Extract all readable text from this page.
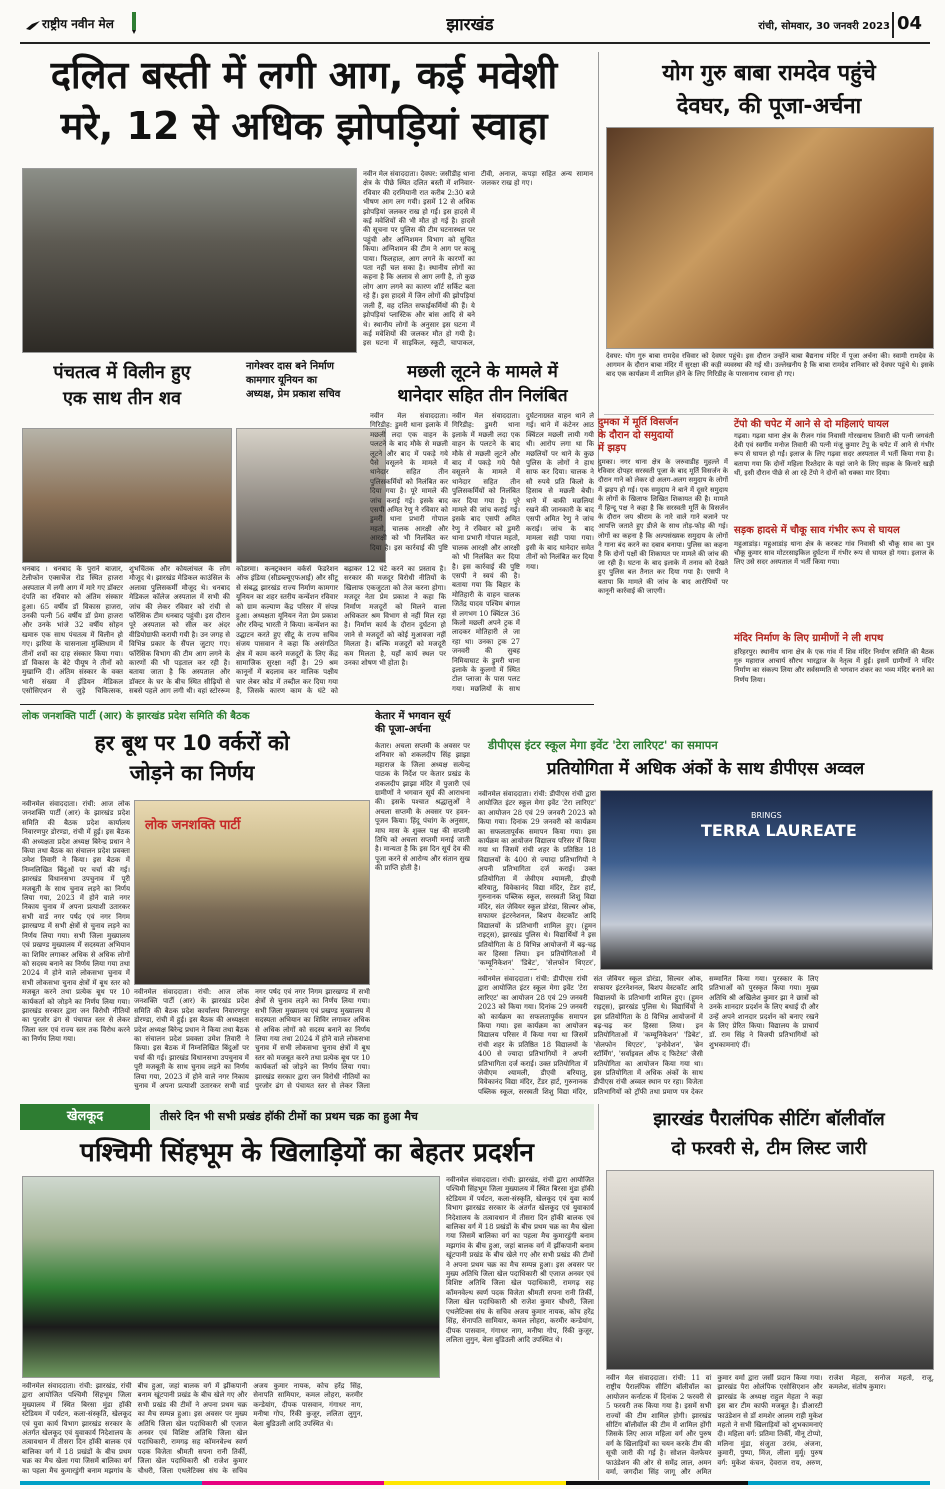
राष्ट्रीय नवीन मेल	झारखंड	रांची, सोमवार, 30 जनवरी 2023 04
दलित बस्ती में लगी आग, कई मवेशी
मरे, 12 से अधिक झोपड़ियां स्वाहा
नवीन मेल संवाददाता। देवघर: जसीडीह थाना क्षेत्र के पीछे स्थित दलित बस्ती में शनिवार-रविवार की दरमियानी रात करीब 2:30 बजे भीषण आग लग गयी। इसमें 12 से अधिक झोपड़ियां जलकर राख हो गईं। इस हादसे में कई मवेशियों की भी मौत हो गई है। हादसे की सूचना पर पुलिस की टीम घटनास्थल पर पहुंची और अग्निशमन विभाग को सूचित किया। अग्निशमन की टीम ने आग पर काबू पाया। फिलहाल, आग लगने के कारणों का पता नहीं चल सका है। स्थानीय लोगों का कहना है कि अलाव से आग लगी है, तो कुछ लोग आग लगने का कारण शॉर्ट सर्किट बता रहे हैं। इस हादसे में जिन लोगों की झोपड़ियां जली हैं, वह दलित सफाईकर्मियों की हैं। ये झोपड़ियां प्लास्टिक और बांस आदि से बने थे। स्थानीय लोगों के अनुसार इस घटना में कई मवेशियों की जलकर मौत हो गयी है। इस घटना में साइकिल, स्कूटी, चापाकल, टीवी, अनाज, कपड़ा सहित अन्य सामान जलकर राख हो गए।
योग गुरु बाबा रामदेव पहुंचे
देवघर, की पूजा-अर्चना
देवघर: योग गुरु बाबा रामदेव रविवार को देवघर पहुंचे। इस दौरान उन्होंने बाबा बैद्यनाथ मंदिर में पूजा अर्चना की। स्वामी रामदेव के आगमन के दौरान बाबा मंदिर में सुरक्षा की कड़ी व्यवस्था की गई थी। उल्लेखनीय है कि बाबा रामदेव शनिवार को देवघर पहुंचे थे। इसके बाद एक कार्यक्रम में शामिल होने के लिए गिरिडीह के पारसनाथ रवाना हो गए।
पंचतत्व में विलीन हुए
एक साथ तीन शव
धनबाद । धनबाद के पुराने बाजार, टेलीफोन एक्सचेंज रोड स्थित हाजरा अस्पताल में लगी आग में मारे गए डॉक्टर दंपति का रविवार को अंतिम संस्कार हुआ। 65 वर्षीय डॉ विकास हाजरा, उनकी पत्नी 56 वर्षीय डॉ प्रेमा हाजरा और उनके भांजे 32 वर्षीय सोहन खमारु एक साथ पंचतत्व में विलीन हो गए। झरिया के चासनाला मुक्तिधाम में तीनों शवों का दाह संस्कार किया गया। डॉ विकास के बेटे पीयूष ने तीनों को मुखाग्नि दी। अंतिम संस्कार के वक्त भारी संख्या में इंडियन मेडिकल एसोसिएशन से जुड़े चिकित्सक, शुभचिंतक और कोयलांचल के लोग मौजूद थे। झारखंड मेडिकल काउंसिल के अलावा पुलिसकर्मी मौजूद थे। धनबाद मेडिकल कॉलेज अस्पताल में सभी की जांच की लेकर रविवार को रांची से फॉरेंसिक टीम धनबाद पहुंची। इस दौरान पूरे अस्पताल को सील कर अंदर वीडियोग्राफी करायी गयी है। उन जगह से विभिन्न प्रकार के सैंपल जुटाए गए। फॉरेंसिक विभाग की टीम आग लगने के कारणों की भी पड़ताल कर रही है। बताया जाता है कि अस्पताल और डॉक्टर के घर के बीच स्थित सीढ़ियों से सबसे पहले आग लगी थी। वहां स्टोररूम
नागेश्वर दास बने निर्माण
कामगार यूनियन का
अध्यक्ष, प्रेम प्रकाश सचिव
कोडरमा। कन्स्ट्रक्शन वर्कर्स फेडरेशन ऑफ इंडिया (सीडब्ल्यूएफआई) और सीटू से संबद्ध झारखंड राज्य निर्माण कामगार यूनियन का शहर स्तरीय कन्वेंशन रविवार को ग्राम कल्याण केंद्र परिसर में संपन्न हुआ। अध्यक्षता यूनियन नेता प्रेम प्रकाश और रविन्द्र भारती ने किया। कन्वेंशन का उद्घाटन करते हुए सीटू के राज्य सचिव संजय पासवान ने कहा कि असंगठित क्षेत्र में काम करने मजदूरों के लिए केंद्र सामाजिक सुरक्षा नहीं है। 29 श्रम कानूनों में बदलाव कर मालिक पक्षीय चार लेबर कोड में तब्दील कर दिया गया है, जिसके कारण काम के घंटे को बढ़ाकर 12 घंटे करने का प्रस्ताव है। सरकार की मजदूर विरोधी नीतियों के खिलाफ एकजुटता को तेज करना होगा। मजदूर नेता प्रेम प्रकाश ने कहा कि निर्माण मजदूरों को मिलने वाला अधिकतर श्रम विभाग से नहीं मिल रहा है। निर्माण कार्य के दौरान दुर्घटना हो जाने से मजदूरों को कोई मुआवजा नहीं मिलता है। बल्कि मजदूरों को मजदूरी कम मिलता है, यहाँ कार्य स्थल पर उनका शोषण भी होता है।
मछली लूटने के मामले में
थानेदार सहित तीन निलंबित
नवीन मेल संवाददाता। गिरिडीह: डुमरी थाना इलाके में मछली लदा एक वाहन के पलटने के बाद मौके से मछली लूटने और बाद में पकड़े गये पैसे वसूलने के मामले में थानेदार सहित तीन पुलिसकर्मियों को निलंबित कर दिया गया है। पूरे मामले की जांच कराई गई। इसके बाद एसपी अमित रेणु ने रविवार को डुमरी थाना प्रभारी गोपाल महतो, चालक आरक्षी और आरक्षी को भी निलंबित कर दिया है। इस कार्रवाई की पुष्टि एसपी ने स्वयं की है। बताया गया कि बिहार के मोतिहारी के वाहन चालक जितेंद्र यादव पश्चिम बंगाल से लगभग 10 क्विंटल 36 किलो मछली अपने ट्रक में लादकर मोतिहारी ले जा रहा था। उनका ट्रक 27 जनवरी की सुबह निमियाघाट के डुमरी थाना इलाके के कुलगो में स्थित टोल प्लाजा के पास पलट गया। मछलियों के साथ दुर्घटनाग्रस्त वाहन थाने ले गई। थाने में कंटेनर आठ क्विंटल मछली लायी गयी थी। आरोप लगा था कि मछलियों पर थाने के कुछ पुलिस के लोगों ने हाथ साफ कर दिया। चालक ने सौ रुपये प्रति किलो के हिसाब से मछली बेची। थाने में बाकी मछलियां रखने की जानकारी के बाद एसपी अमित रेणु ने जांच कराई। जांच के बाद मामला सही पाया गया। इसी के बाद थानेदार समेत तीनों को निलंबित कर दिया गया।
नवीन मेल संवाददाता। गिरिडीह: डुमरी थाना इलाके में मछली लदा एक वाहन के पलटने के बाद मौके से मछली लूटने और बाद में पकड़े गये पैसे वसूलने के मामले में थानेदार सहित तीन पुलिसकर्मियों को निलंबित कर दिया गया है। पूरे मामले की जांच कराई गई। इसके बाद एसपी अमित रेणु ने रविवार को डुमरी थाना प्रभारी गोपाल महतो, चालक आरक्षी और आरक्षी को भी निलंबित कर दिया है। इस कार्रवाई की पुष्टि
दुमका में मूर्ति विसर्जन
के दौरान दो समुदायों
में झड़प
दुमका। नगर थाना क्षेत्र के जरुवाडीह मुहल्ले में रविवार दोपहर सरस्वती पूजा के बाद मूर्ति विसर्जन के दौरान गाने को लेकर दो अलग-अलग समुदाय के लोगों में झड़प हो गई। एक समुदाय ने बाने में दूसरे समुदाय के लोगों के खिलाफ लिखित शिकायत की है। मामले में हिन्दू पक्ष ने कहा है कि सरस्वती मूर्ति के विसर्जन के दौरान जय श्रीराम के नारे वाले गाने बजाने पर आपत्ति जताते हुए डीजे के साथ तोड़-फोड़ की गई। लोगों का कहना है कि अल्पसंख्यक समुदाय के लोगों ने गाना बंद करने का दबाव बनाया। पुलिस का कहना है कि दोनों पक्षों की शिकायत पर मामले की जांच की जा रही है। घटना के बाद इलाके में तनाव को देखते हुए पुलिस बल तैनात कर दिया गया है। एसपी ने बताया कि मामले की जांच के बाद आरोपियों पर कानूनी कार्रवाई की जाएगी।
टेंपो की चपेट में आने से दो महिलाएं घायल
गढ़वा। गढ़वा थाना क्षेत्र के रीजन गांव निवासी गोरखनाथ तिवारी की पत्नी जगवंती देवी एवं स्वर्गीय मनोज तिवारी की पत्नी मंजू कुमार टेंपू के चपेट में आने से गंभीर रूप से घायल हो गईं। इलाज के लिए गढ़वा सदर अस्पताल में भर्ती किया गया है। बताया गया कि दोनों महिला रिश्तेदार के यहां जाने के लिए सड़क के किनारे खड़ी थीं, इसी दौरान पीछे से आ रहे टेंपो ने दोनों को धक्का मार दिया।
सड़क हादसे में चौकू साव गंभीर रूप से घायल
महुआडांड़। महुआडांड़ थाना क्षेत्र के करकट गांव निवासी श्री चौकू साव का पुत्र चौकू कुमार साव मोटरसाइकिल दुर्घटना में गंभीर रूप से घायल हो गया। इलाज के लिए उसे सदर अस्पताल में भर्ती किया गया।
मंदिर निर्माण के लिए ग्रामीणों ने ली शपथ
हरिहरपुर। स्थानीय थाना क्षेत्र के एक गांव में शिव मंदिर निर्माण समिति की बैठक गुरु महाराज आचार्य सौरभ भारद्वाज के नेतृत्व में हुई। इसमें ग्रामीणों ने मंदिर निर्माण का संकल्प लिया और सर्वसम्मति से भगवान शंकर का भव्य मंदिर बनाने का निर्णय लिया।
लोक जनशक्ति पार्टी (आर) के झारखंड प्रदेश समिति की बैठक
हर बूथ पर 10 वर्करों को
जोड़ने का निर्णय
लोक जनशक्ति पार्टी
नवीनमेल संवाददाता। रांची: आज लोक जनशक्ति पार्टी (आर) के झारखंड प्रदेश समिति की बैठक प्रदेश कार्यालय निवारणपुर डोरण्डा, रांची में हुई। इस बैठक की अध्यक्षता प्रदेश अध्यक्ष बिरेन्द्र प्रधान ने किया तथा बैठक का संचालन प्रदेश प्रवक्ता उमेश तिवारी ने किया। इस बैठक में निम्नलिखित बिंदुओं पर चर्चा की गई। झारखंड विधानसभा उपचुनाव में पूरी मजबूती के साथ चुनाव लड़ने का निर्णय लिया गया, 2023 में होने वाले नगर निकाय चुनाव में अपना प्रत्याशी उतारकर सभी वार्ड नगर पर्षद एवं नगर निगम झारखण्ड में सभी क्षेत्रों से चुनाव लड़ने का निर्णय लिया गया। सभी जिला मुख्यालय एवं प्रखण्ड मुख्यालय में सदस्यता अभियान का शिविर लगाकर अधिक से अधिक लोगों को सदस्य बनाने का निर्णय लिया गया तथा 2024 में होने वाले लोकसभा चुनाव में सभी लोकसभा चुनाव क्षेत्रों में बूथ स्तर को मजबूत करने तथा प्रत्येक बूथ पर 10 कार्यकर्ता को जोड़ने का निर्णय लिया गया। झारखंड सरकार द्वारा जन विरोधी नीतियों का पुरजोर ढंग से पंचायत स्तर से लेकर जिला स्तर एवं राज्य स्तर तक विरोध करने का निर्णय लिया गया।
नवीनमेल संवाददाता। रांची: आज लोक जनशक्ति पार्टी (आर) के झारखंड प्रदेश समिति की बैठक प्रदेश कार्यालय निवारणपुर डोरण्डा, रांची में हुई। इस बैठक की अध्यक्षता प्रदेश अध्यक्ष बिरेन्द्र प्रधान ने किया तथा बैठक का संचालन प्रदेश प्रवक्ता उमेश तिवारी ने किया। इस बैठक में निम्नलिखित बिंदुओं पर चर्चा की गई। झारखंड विधानसभा उपचुनाव में पूरी मजबूती के साथ चुनाव लड़ने का निर्णय लिया गया, 2023 में होने वाले नगर निकाय चुनाव में अपना प्रत्याशी उतारकर सभी वार्ड नगर पर्षद एवं नगर निगम झारखण्ड में सभी क्षेत्रों से चुनाव लड़ने का निर्णय लिया गया। सभी जिला मुख्यालय एवं प्रखण्ड मुख्यालय में सदस्यता अभियान का शिविर लगाकर अधिक से अधिक लोगों को सदस्य बनाने का निर्णय लिया गया तथा 2024 में होने वाले लोकसभा चुनाव में सभी लोकसभा चुनाव क्षेत्रों में बूथ स्तर को मजबूत करने तथा प्रत्येक बूथ पर 10 कार्यकर्ता को जोड़ने का निर्णय लिया गया। झारखंड सरकार द्वारा जन विरोधी नीतियों का पुरजोर ढंग से पंचायत स्तर से लेकर जिला
केतार में भगवान सूर्य
की पूजा-अर्चना
केतार। अचला सप्तमी के अवसर पर शनिवार को शकलदीप सिंह झाझा महाराज के जिला अध्यक्ष सत्येन्द्र पाठक के निर्देश पर केतार प्रखंड के शकलदीप झाझा मंदिर में पुजारी एवं ग्रामीणों ने भगवान सूर्य की आराधना की। इसके पश्चात श्रद्धालुओं ने अचला सप्तमी के अवसर पर हवन-पूजन किया। हिंदू पंचांग के अनुसार, माघ मास के शुक्ल पक्ष की सप्तमी तिथि को अचला सप्तमी मनाई जाती है। मान्यता है कि इस दिन सूर्य देव की पूजा करने से आरोग्य और संतान सुख की प्राप्ति होती है।
डीपीएस इंटर स्कूल मेगा इवेंट 'टेरा लारिएट' का समापन
प्रतियोगिता में अधिक अंकों के साथ डीपीएस अव्वल
नवीनमेल संवाददाता। रांची: डीपीएस रांची द्वारा आयोजित इंटर स्कूल मेगा इवेंट 'टेरा लारिएट' का आयोजन 28 एवं 29 जनवरी 2023 को किया गया। दिनांक 29 जनवरी को कार्यक्रम का सफलतापूर्वक समापन किया गया। इस कार्यक्रम का आयोजन विद्यालय परिसर में किया गया था जिसमें रांची शहर के प्रतिष्ठित 18 विद्यालयों के 400 से ज्यादा प्रतिभागियों ने अपनी प्रतिभागिता दर्ज कराई। उक्त प्रतियोगिता में जेवीएम श्यामली, डीएवी बरियातु, विवेकानंद विद्या मंदिर, टेंडर हार्ट, गुरुनानक पब्लिक स्कूल, सरस्वती शिशु विद्या मंदिर, संत जेवियर स्कूल डोरंडा, सिल्वर ओक, सफायर इंटरनेशनल, बिशप वेस्टकॉट आदि विद्यालयों के प्रतिभागी शामिल हुए। (हूमन राइट्स), झारखंड पुलिस थे। विद्यार्थियों ने इस प्रतियोगिता के 8 विभिन्न आयोजनों में बढ़-चढ़ कर हिस्सा लिया। इन प्रतियोगिताओं में 'कम्यूनिकेशन' 'डिबेट', 'सेलफोन थिएटर',
BRINGS
TERRA LAUREATE
नवीनमेल संवाददाता। रांची: डीपीएस रांची द्वारा आयोजित इंटर स्कूल मेगा इवेंट 'टेरा लारिएट' का आयोजन 28 एवं 29 जनवरी 2023 को किया गया। दिनांक 29 जनवरी को कार्यक्रम का सफलतापूर्वक समापन किया गया। इस कार्यक्रम का आयोजन विद्यालय परिसर में किया गया था जिसमें रांची शहर के प्रतिष्ठित 18 विद्यालयों के 400 से ज्यादा प्रतिभागियों ने अपनी प्रतिभागिता दर्ज कराई। उक्त प्रतियोगिता में जेवीएम श्यामली, डीएवी बरियातु, विवेकानंद विद्या मंदिर, टेंडर हार्ट, गुरुनानक पब्लिक स्कूल, सरस्वती शिशु विद्या मंदिर, संत जेवियर स्कूल डोरंडा, सिल्वर ओक, सफायर इंटरनेशनल, बिशप वेस्टकॉट आदि विद्यालयों के प्रतिभागी शामिल हुए। (हूमन राइट्स), झारखंड पुलिस थे। विद्यार्थियों ने इस प्रतियोगिता के 8 विभिन्न आयोजनों में बढ़-चढ़ कर हिस्सा लिया। इन प्रतियोगिताओं में 'कम्यूनिकेशन' 'डिबेट', 'सेलफोन थिएटर', 'इनोवेशन', 'ब्रेन स्टॉर्मिंग', 'सर्वाइवल ऑफ द फिटेस्ट' जैसी प्रतियोगिता का आयोजन किया गया था। इस प्रतियोगिता में अधिक अंकों के साथ डीपीएस रांची अव्वल स्थान पर रहा। विजेता प्रतिभागियों को ट्रॉफी तथा प्रमाण पत्र देकर सम्मानित किया गया। पुरस्कार के लिए प्रतिभाओं को पुरस्कृत किया गया। मुख्य अतिथि श्री अखिलेश कुमार झा ने छात्रों को उनके शानदार प्रदर्शन के लिए बधाई दी और उन्हें अपने शानदार प्रदर्शन को बनाए रखने के लिए प्रेरित किया। विद्यालय के प्राचार्य डॉ. राम सिंह ने विजयी प्रतिभागियों को शुभकामनाएं दीं।
खेलकूद	तीसरे दिन भी सभी प्रखंड हॉकी टीमों का प्रथम चक्र का हुआ मैच
पश्चिमी सिंहभूम के खिलाड़ियों का बेहतर प्रदर्शन
नवीनमेल संवाददाता। रांची: झारखंड, रांची द्वारा आयोजित पश्चिमी सिंहभूम जिला मुख्यालय में स्थित बिरसा मुंडा हॉकी स्टेडियम में पर्यटन, कला-संस्कृति, खेलकूद एवं युवा कार्य विभाग झारखंड सरकार के अंतर्गत खेलकूद एवं युवाकार्य निदेशालय के तत्वावधान में तीसरा दिन हॉकी बालक एवं बालिका वर्ग में 18 प्रखंडों के बीच प्रथम चक्र का मैच खेला गया जिसमें बालिका वर्ग का पहला मैच कुमारडुंगी बनाम मझगांव के बीच हुआ, जहां बालक वर्ग में झींकपानी बनाम खूंटपानी प्रखंड के बीच खेले गए और सभी प्रखंड की टीमों ने अपना प्रथम चक्र का मैच सम्पन्न हुआ। इस अवसर पर मुख्य अतिथि जिला खेल पदाधिकारी श्री एजाज अनवर एवं विशिष्ट अतिथि जिला खेल पदाधिकारी, रामगढ़ सह कॉमनवेल्थ स्वर्ण पदक विजेता श्रीमती सपना रानी तिर्की, जिला खेल पदाधिकारी श्री राजेश कुमार चौधरी, जिला एथलेटिक्स संघ के सचिव अजय कुमार नायक, कोच हरेंद्र सिंह, सेनापति सामियार, कमल लोहरा, करमीर कन्डेयांग, दीपक पासवान, गंगाधर नाग, मनीषा गोप, रिंकी कुजूर, ललिता लुगुन, बेला बुडिउली आदि उपस्थित थे।
नवीनमेल संवाददाता। रांची: झारखंड, रांची द्वारा आयोजित पश्चिमी सिंहभूम जिला मुख्यालय में स्थित बिरसा मुंडा हॉकी स्टेडियम में पर्यटन, कला-संस्कृति, खेलकूद एवं युवा कार्य विभाग झारखंड सरकार के अंतर्गत खेलकूद एवं युवाकार्य निदेशालय के तत्वावधान में तीसरा दिन हॉकी बालक एवं बालिका वर्ग में 18 प्रखंडों के बीच प्रथम चक्र का मैच खेला गया जिसमें बालिका वर्ग का पहला मैच कुमारडुंगी बनाम मझगांव के बीच हुआ, जहां बालक वर्ग में झींकपानी बनाम खूंटपानी प्रखंड के बीच खेले गए और सभी प्रखंड की टीमों ने अपना प्रथम चक्र का मैच सम्पन्न हुआ। इस अवसर पर मुख्य अतिथि जिला खेल पदाधिकारी श्री एजाज अनवर एवं विशिष्ट अतिथि जिला खेल पदाधिकारी, रामगढ़ सह कॉमनवेल्थ स्वर्ण पदक विजेता श्रीमती सपना रानी तिर्की, जिला खेल पदाधिकारी श्री राजेश कुमार चौधरी, जिला एथलेटिक्स संघ के सचिव अजय कुमार नायक, कोच हरेंद्र सिंह, सेनापति सामियार, कमल लोहरा, करमीर कन्डेयांग, दीपक पासवान, गंगाधर नाग, मनीषा गोप, रिंकी कुजूर, ललिता लुगुन, बेला बुडिउली आदि उपस्थित थे।
झारखंड पैरालंपिक सीटिंग बॉलीवॉल
दो फरवरी से, टीम लिस्ट जारी
नवीन मेल संवाददाता। रांची: 11 वां राष्ट्रीय पैरालंपिक सीटिंग बॉलीवॉल का आयोजन कर्नाटक में दिनांक 2 फरवरी से 5 फरवरी तक किया गया है। इसमें सभी राज्यों की टीम शामिल होगी। झारखंड सीटिंग बॉलीवॉल की टीम में शामिल होंगी जिसके लिए आज महिला वर्ग और पुरुष वर्ग के खिलाड़ियों का चयन करके टीम की सूची जारी की गई है। सोशल वेलफेयर फाउंडेशन की ओर से समेंद्र लाल, अमन वर्मा, जगदीश सिंह जागू और अमित कुमार वर्मा द्वारा जर्सी प्रदान किया गया। झारखंड पैरा ओलंपिक एसोसिएशन और झारखंड के अध्यक्ष राहुल मेहता ने कहा इस बार टीम काफी मजबूत है। डीआरटी फाउंडेशन से डॉ शमशेर आलम राही मुकेश महतो ने सभी खिलाड़ियों को शुभकामनाएं दी। महिला वर्ग: प्रतिमा तिर्की, मीनू टोप्पो, मलिना मुंडा, संजुता उरांव, अंजना, कुमारी, पुष्पा, मिंज, लीला मुर्मू। पुरुष वर्ग: मुकेश कंचन, देवराज राय, अरुण, राजेश मेहता, सनोज महतो, राजू, कमलेश, संतोष कुमार।
